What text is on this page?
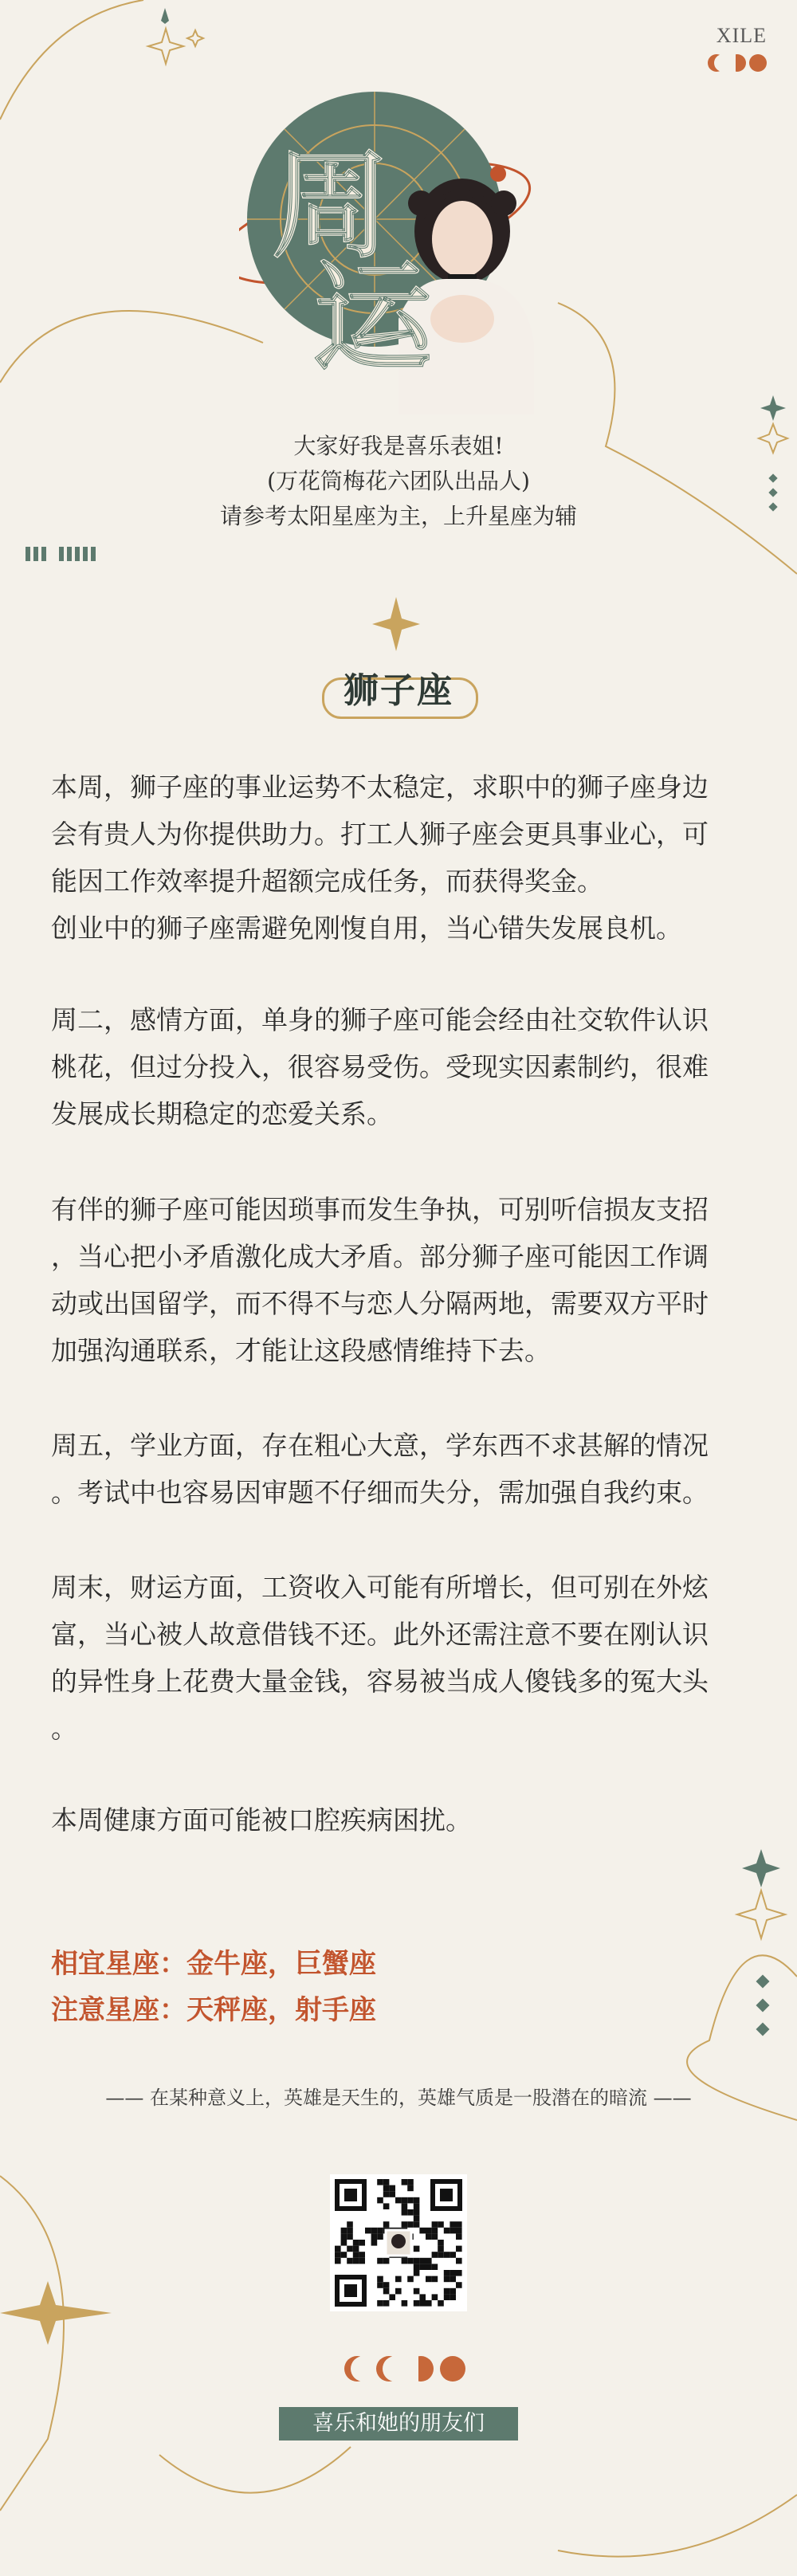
XILE
周
运
大家好我是喜乐表姐!
(万花筒梅花六团队出品人)
请参考太阳星座为主，上升星座为辅
狮子座
本周，狮子座的事业运势不太稳定，求职中的狮子座身边
会有贵人为你提供助力。打工人狮子座会更具事业心，可
能因工作效率提升超额完成任务，而获得奖金。
创业中的狮子座需避免刚愎自用，当心错失发展良机。
周二，感情方面，单身的狮子座可能会经由社交软件认识
桃花，但过分投入，很容易受伤。受现实因素制约，很难
发展成长期稳定的恋爱关系。
有伴的狮子座可能因琐事而发生争执，可别听信损友支招
，当心把小矛盾激化成大矛盾。部分狮子座可能因工作调
动或出国留学，而不得不与恋人分隔两地，需要双方平时
加强沟通联系，才能让这段感情维持下去。
周五，学业方面，存在粗心大意，学东西不求甚解的情况
。考试中也容易因审题不仔细而失分，需加强自我约束。
周末，财运方面，工资收入可能有所增长，但可别在外炫
富，当心被人故意借钱不还。此外还需注意不要在刚认识
的异性身上花费大量金钱，容易被当成人傻钱多的冤大头
。
本周健康方面可能被口腔疾病困扰。
相宜星座：金牛座，巨蟹座
注意星座：天秤座，射手座
—— 在某种意义上，英雄是天生的，英雄气质是一股潜在的暗流 ——
喜乐和她的朋友们
